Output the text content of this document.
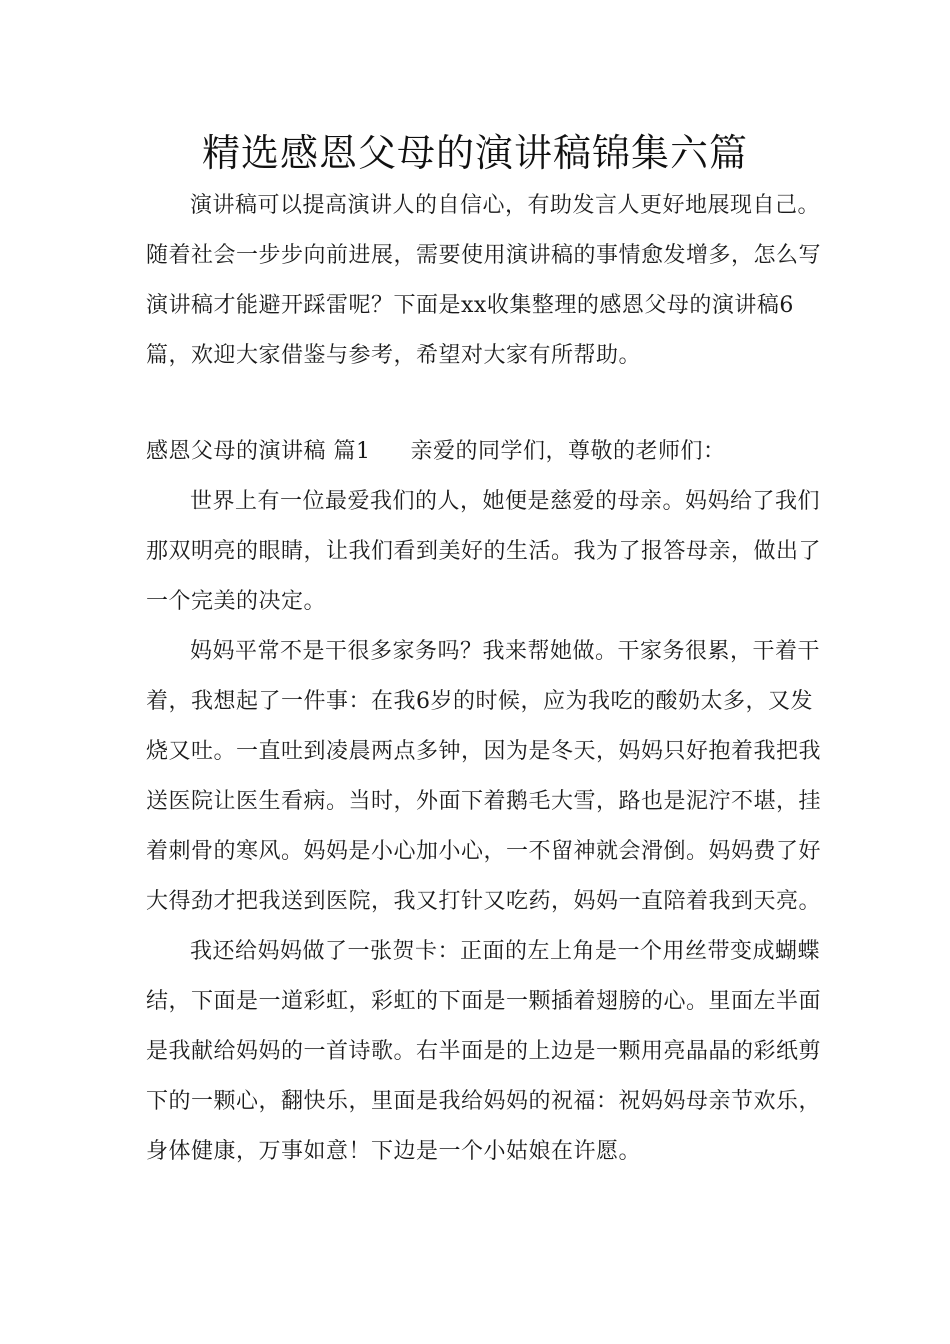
精选感恩父母的演讲稿锦集六篇

演讲稿可以提高演讲人的自信心，有助发言人更好地展现自己。随着社会一步步向前进展，需要使用演讲稿的事情愈发增多，怎么写演讲稿才能避开踩雷呢？下面是xx收集整理的感恩父母的演讲稿6篇，欢迎大家借鉴与参考，希望对大家有所帮助。

感恩父母的演讲稿 篇1 亲爱的同学们，尊敬的老师们：

世界上有一位最爱我们的人，她便是慈爱的母亲。妈妈给了我们那双明亮的眼睛，让我们看到美好的生活。我为了报答母亲，做出了一个完美的决定。

妈妈平常不是干很多家务吗？我来帮她做。干家务很累，干着干着，我想起了一件事：在我6岁的时候，应为我吃的酸奶太多，又发烧又吐。一直吐到凌晨两点多钟，因为是冬天，妈妈只好抱着我把我送医院让医生看病。当时，外面下着鹅毛大雪，路也是泥泞不堪，挂着刺骨的寒风。妈妈是小心加小心，一不留神就会滑倒。妈妈费了好大得劲才把我送到医院，我又打针又吃药，妈妈一直陪着我到天亮。

我还给妈妈做了一张贺卡：正面的左上角是一个用丝带变成蝴蝶结，下面是一道彩虹，彩虹的下面是一颗插着翅膀的心。里面左半面是我献给妈妈的一首诗歌。右半面是的上边是一颗用亮晶晶的彩纸剪下的一颗心，翻快乐，里面是我给妈妈的祝福：祝妈妈母亲节欢乐，身体健康，万事如意！下边是一个小姑娘在许愿。
